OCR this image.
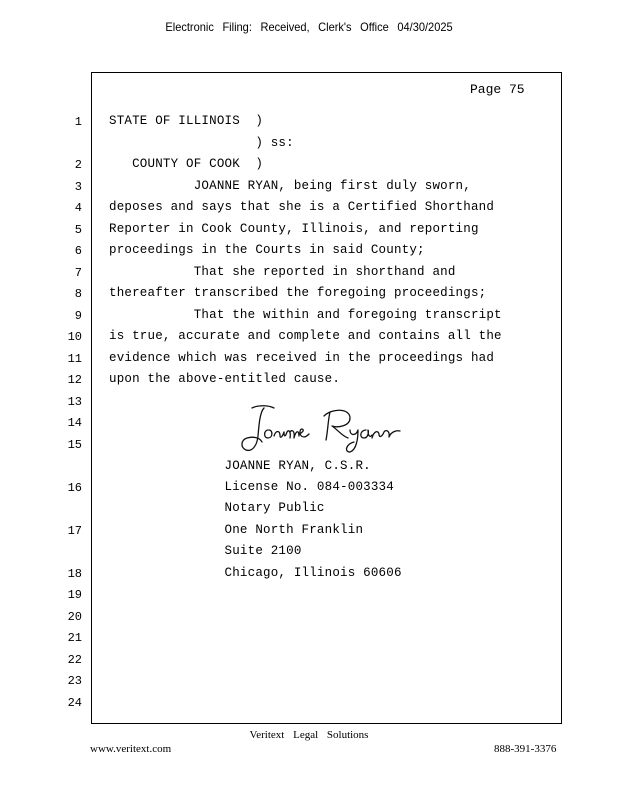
Electronic Filing: Received, Clerk's Office 04/30/2025
Page 75
1 STATE OF ILLINOIS  )
) ss:
2 COUNTY OF COOK  )
3 JOANNE RYAN, being first duly sworn,
4 deposes and says that she is a Certified Shorthand
5 Reporter in Cook County, Illinois, and reporting
6 proceedings in the Courts in said County;
7 That she reported in shorthand and
8 thereafter transcribed the foregoing proceedings;
9 That the within and foregoing transcript
10 is true, accurate and complete and contains all the
11 evidence which was received in the proceedings had
12 upon the above-entitled cause.
13
14
15
JOANNE RYAN, C.S.R.
16 License No. 084-003334
Notary Public
17 One North Franklin
Suite 2100
18 Chicago, Illinois 60606
19
20
21
22
23
24
Veritext Legal Solutions
www.veritext.com	888-391-3376
